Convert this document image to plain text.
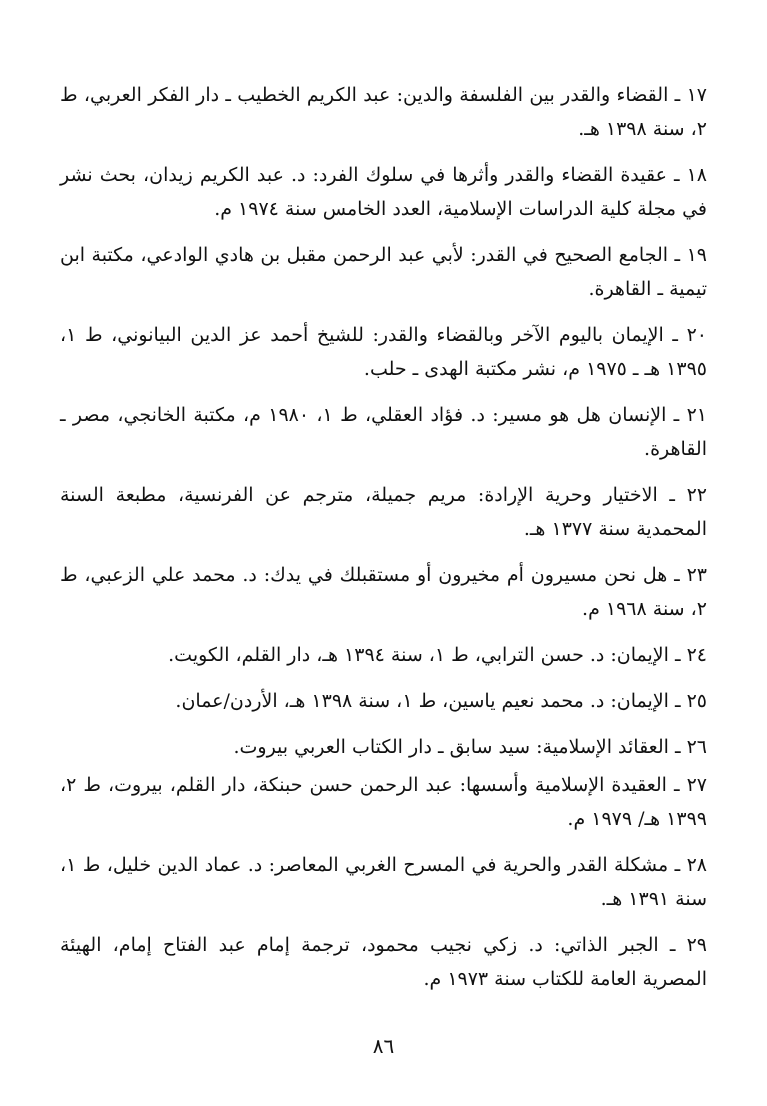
١٧ ـ القضاء والقدر بين الفلسفة والدين: عبد الكريم الخطيب ـ دار الفكر العربي، ط ٢، سنة ١٣٩٨ هـ.

١٨ ـ عقيدة القضاء والقدر وأثرها في سلوك الفرد: د. عبد الكريم زيدان، بحث نشر في مجلة كلية الدراسات الإسلامية، العدد الخامس سنة ١٩٧٤ م.

١٩ ـ الجامع الصحيح في القدر: لأبي عبد الرحمن مقبل بن هادي الوادعي، مكتبة ابن تيمية ـ القاهرة.

٢٠ ـ الإيمان باليوم الآخر وبالقضاء والقدر: للشيخ أحمد عز الدين البيانوني، ط ١، ١٣٩٥ هـ ـ ١٩٧٥ م، نشر مكتبة الهدى ـ حلب.

٢١ ـ الإنسان هل هو مسير: د. فؤاد العقلي، ط ١، ١٩٨٠ م، مكتبة الخانجي، مصر ـ القاهرة.

٢٢ ـ الاختيار وحرية الإرادة: مريم جميلة، مترجم عن الفرنسية، مطبعة السنة المحمدية سنة ١٣٧٧ هـ.

٢٣ ـ هل نحن مسيرون أم مخيرون أو مستقبلك في يدك: د. محمد علي الزعبي، ط ٢، سنة ١٩٦٨ م.

٢٤ ـ الإيمان: د. حسن الترابي، ط ١، سنة ١٣٩٤ هـ، دار القلم، الكويت.

٢٥ ـ الإيمان: د. محمد نعيم ياسين، ط ١، سنة ١٣٩٨ هـ، الأردن/عمان.

٢٦ ـ العقائد الإسلامية: سيد سابق ـ دار الكتاب العربي بيروت.

٢٧ ـ العقيدة الإسلامية وأسسها: عبد الرحمن حسن حبنكة، دار القلم، بيروت، ط ٢، ١٣٩٩ هـ/ ١٩٧٩ م.

٢٨ ـ مشكلة القدر والحرية في المسرح الغربي المعاصر: د. عماد الدين خليل، ط ١، سنة ١٣٩١ هـ.

٢٩ ـ الجبر الذاتي: د. زكي نجيب محمود، ترجمة إمام عبد الفتاح إمام، الهيئة المصرية العامة للكتاب سنة ١٩٧٣ م.

٨٦
